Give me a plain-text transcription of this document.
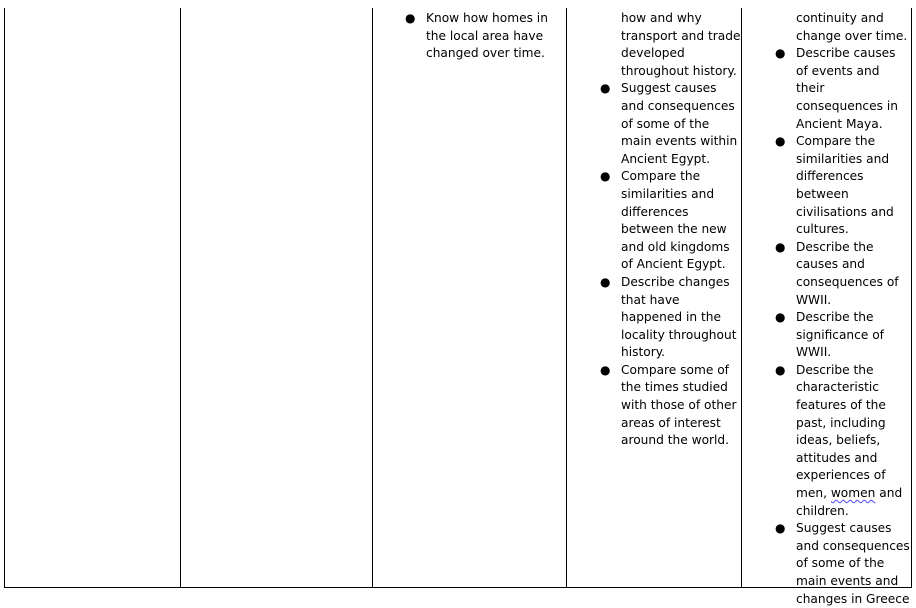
● Know how homes in the local area have changed over time.
how and why transport and trade developed throughout history.
● Suggest causes and consequences of some of the main events within Ancient Egypt.
● Compare the similarities and differences between the new and old kingdoms of Ancient Egypt.
● Describe changes that have happened in the locality throughout history.
● Compare some of the times studied with those of other areas of interest around the world.
continuity and change over time.
● Describe causes of events and their consequences in Ancient Maya.
● Compare the similarities and differences between civilisations and cultures.
● Describe the causes and consequences of WWII.
● Describe the significance of WWII.
● Describe the characteristic features of the past, including ideas, beliefs, attitudes and experiences of men, women and children.
● Suggest causes and consequences of some of the main events and changes in Greece
